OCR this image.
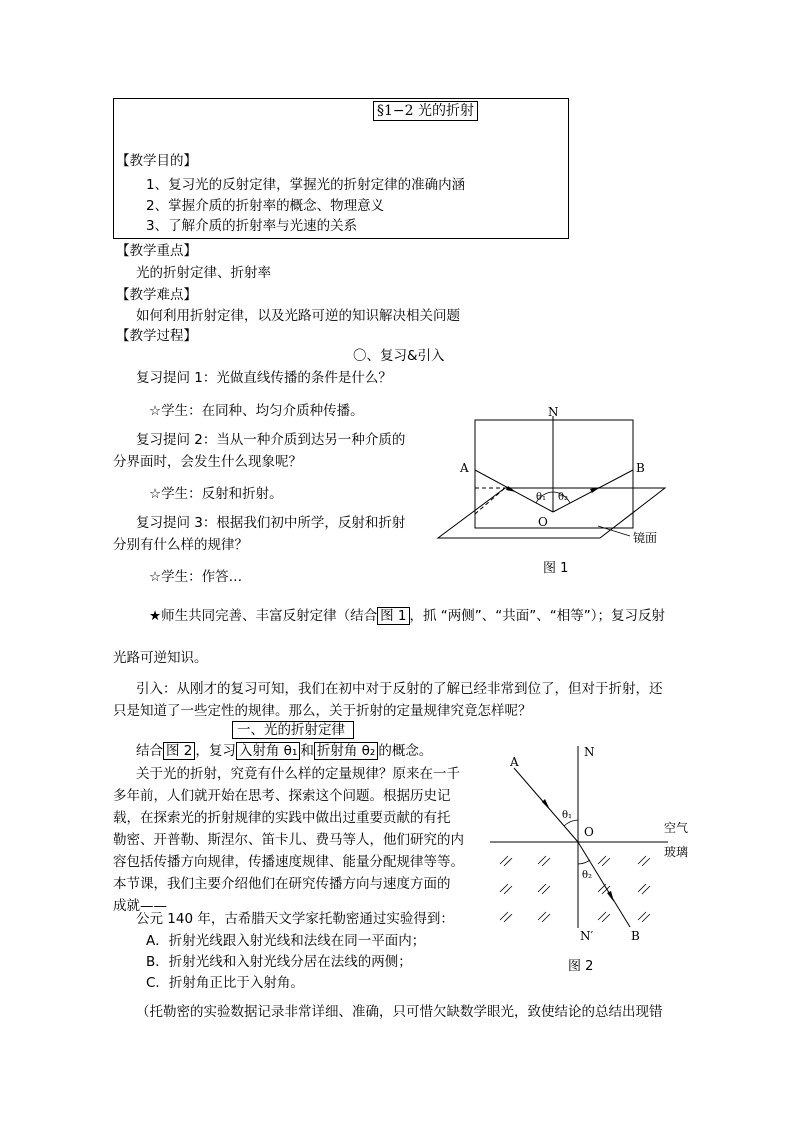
§1−2 光的折射
【教学目的】
1、复习光的反射定律，掌握光的折射定律的准确内涵
2、掌握介质的折射率的概念、物理意义
3、了解介质的折射率与光速的关系
【教学重点】
光的折射定律、折射率
【教学难点】
如何利用折射定律，以及光路可逆的知识解决相关问题
【教学过程】
〇、复习&引入
复习提问 1：光做直线传播的条件是什么？
☆学生：在同种、均匀介质种传播。
复习提问 2：当从一种介质到达另一种介质的
分界面时，会发生什么现象呢？
☆学生：反射和折射。
复习提问 3：根据我们初中所学，反射和折射
分别有什么样的规律？
☆学生：作答…
N
A	B
O
θ₁ θ₂
镜面
图 1
★师生共同完善、丰富反射定律（结合 图 1 ，抓 “两侧”、“共面”、“相等”）；复习反射
光路可逆知识。
引入：从刚才的复习可知，我们在初中对于反射的了解已经非常到位了，但对于折射，还
只是知道了一些定性的规律。那么，关于折射的定量规律究竟怎样呢？
一、光的折射定律
结合 图 2 ，复习 入射角 θ₁ 和 折射角 θ₂ 的概念。
关于光的折射，究竟有什么样的定量规律？原来在一千
多年前，人们就开始在思考、探索这个问题。根据历史记
载，在探索光的折射规律的实践中做出过重要贡献的有托
勒密、开普勒、斯涅尔、笛卡儿、费马等人，他们研究的内
容包括传播方向规律，传播速度规律、能量分配规律等等。
本节课，我们主要介绍他们在研究传播方向与速度方面的
成就——
公元 140 年，古希腊天文学家托勒密通过实验得到：
A．折射光线跟入射光线和法线在同一平面内；
B．折射光线和入射光线分居在法线的两侧；
C．折射角正比于入射角。
（托勒密的实验数据记录非常详细、准确，只可惜欠缺数学眼光，致使结论的总结出现错
N
A
O
θ₁
θ₂
N′	B
空气
玻璃
图 2
